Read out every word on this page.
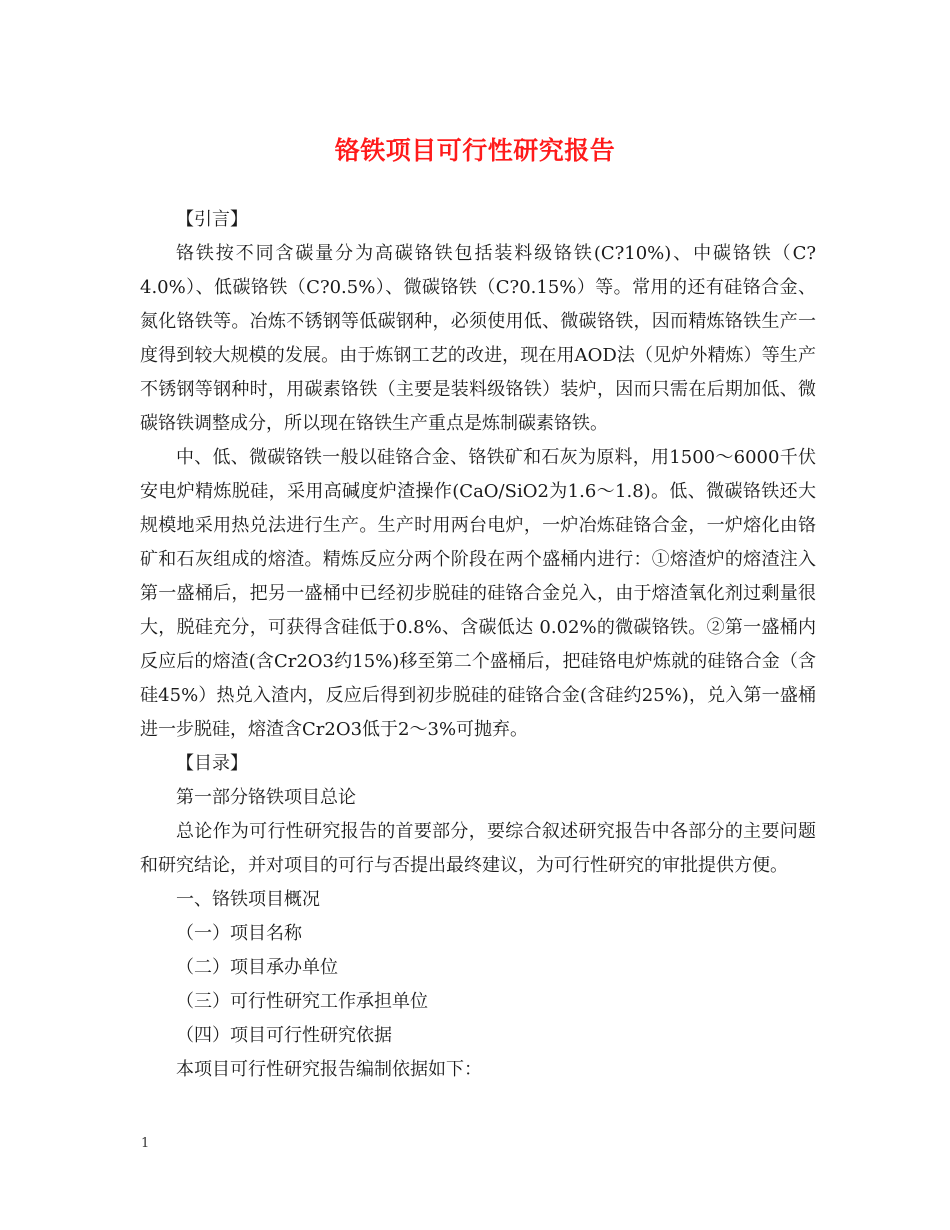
铬铁项目可行性研究报告

【引言】

铬铁按不同含碳量分为高碳铬铁包括装料级铬铁(C?10%)、中碳铬铁（C?4.0%）、低碳铬铁（C?0.5%）、微碳铬铁（C?0.15%）等。常用的还有硅铬合金、氮化铬铁等。冶炼不锈钢等低碳钢种，必须使用低、微碳铬铁，因而精炼铬铁生产一度得到较大规模的发展。由于炼钢工艺的改进，现在用AOD法（见炉外精炼）等生产不锈钢等钢种时，用碳素铬铁（主要是装料级铬铁）装炉，因而只需在后期加低、微碳铬铁调整成分，所以现在铬铁生产重点是炼制碳素铬铁。

中、低、微碳铬铁一般以硅铬合金、铬铁矿和石灰为原料，用1500～6000千伏安电炉精炼脱硅，采用高碱度炉渣操作(CaO/SiO2为1.6～1.8)。低、微碳铬铁还大规模地采用热兑法进行生产。生产时用两台电炉，一炉冶炼硅铬合金，一炉熔化由铬矿和石灰组成的熔渣。精炼反应分两个阶段在两个盛桶内进行：①熔渣炉的熔渣注入第一盛桶后，把另一盛桶中已经初步脱硅的硅铬合金兑入，由于熔渣氧化剂过剩量很大，脱硅充分，可获得含硅低于0.8%、含碳低达 0.02%的微碳铬铁。②第一盛桶内反应后的熔渣(含Cr2O3约15%)移至第二个盛桶后，把硅铬电炉炼就的硅铬合金（含硅45%）热兑入渣内，反应后得到初步脱硅的硅铬合金(含硅约25%)，兑入第一盛桶进一步脱硅，熔渣含Cr2O3低于2～3%可抛弃。

【目录】

第一部分铬铁项目总论

总论作为可行性研究报告的首要部分，要综合叙述研究报告中各部分的主要问题和研究结论，并对项目的可行与否提出最终建议，为可行性研究的审批提供方便。

一、铬铁项目概况

（一）项目名称

（二）项目承办单位

（三）可行性研究工作承担单位

（四）项目可行性研究依据

本项目可行性研究报告编制依据如下：

1
